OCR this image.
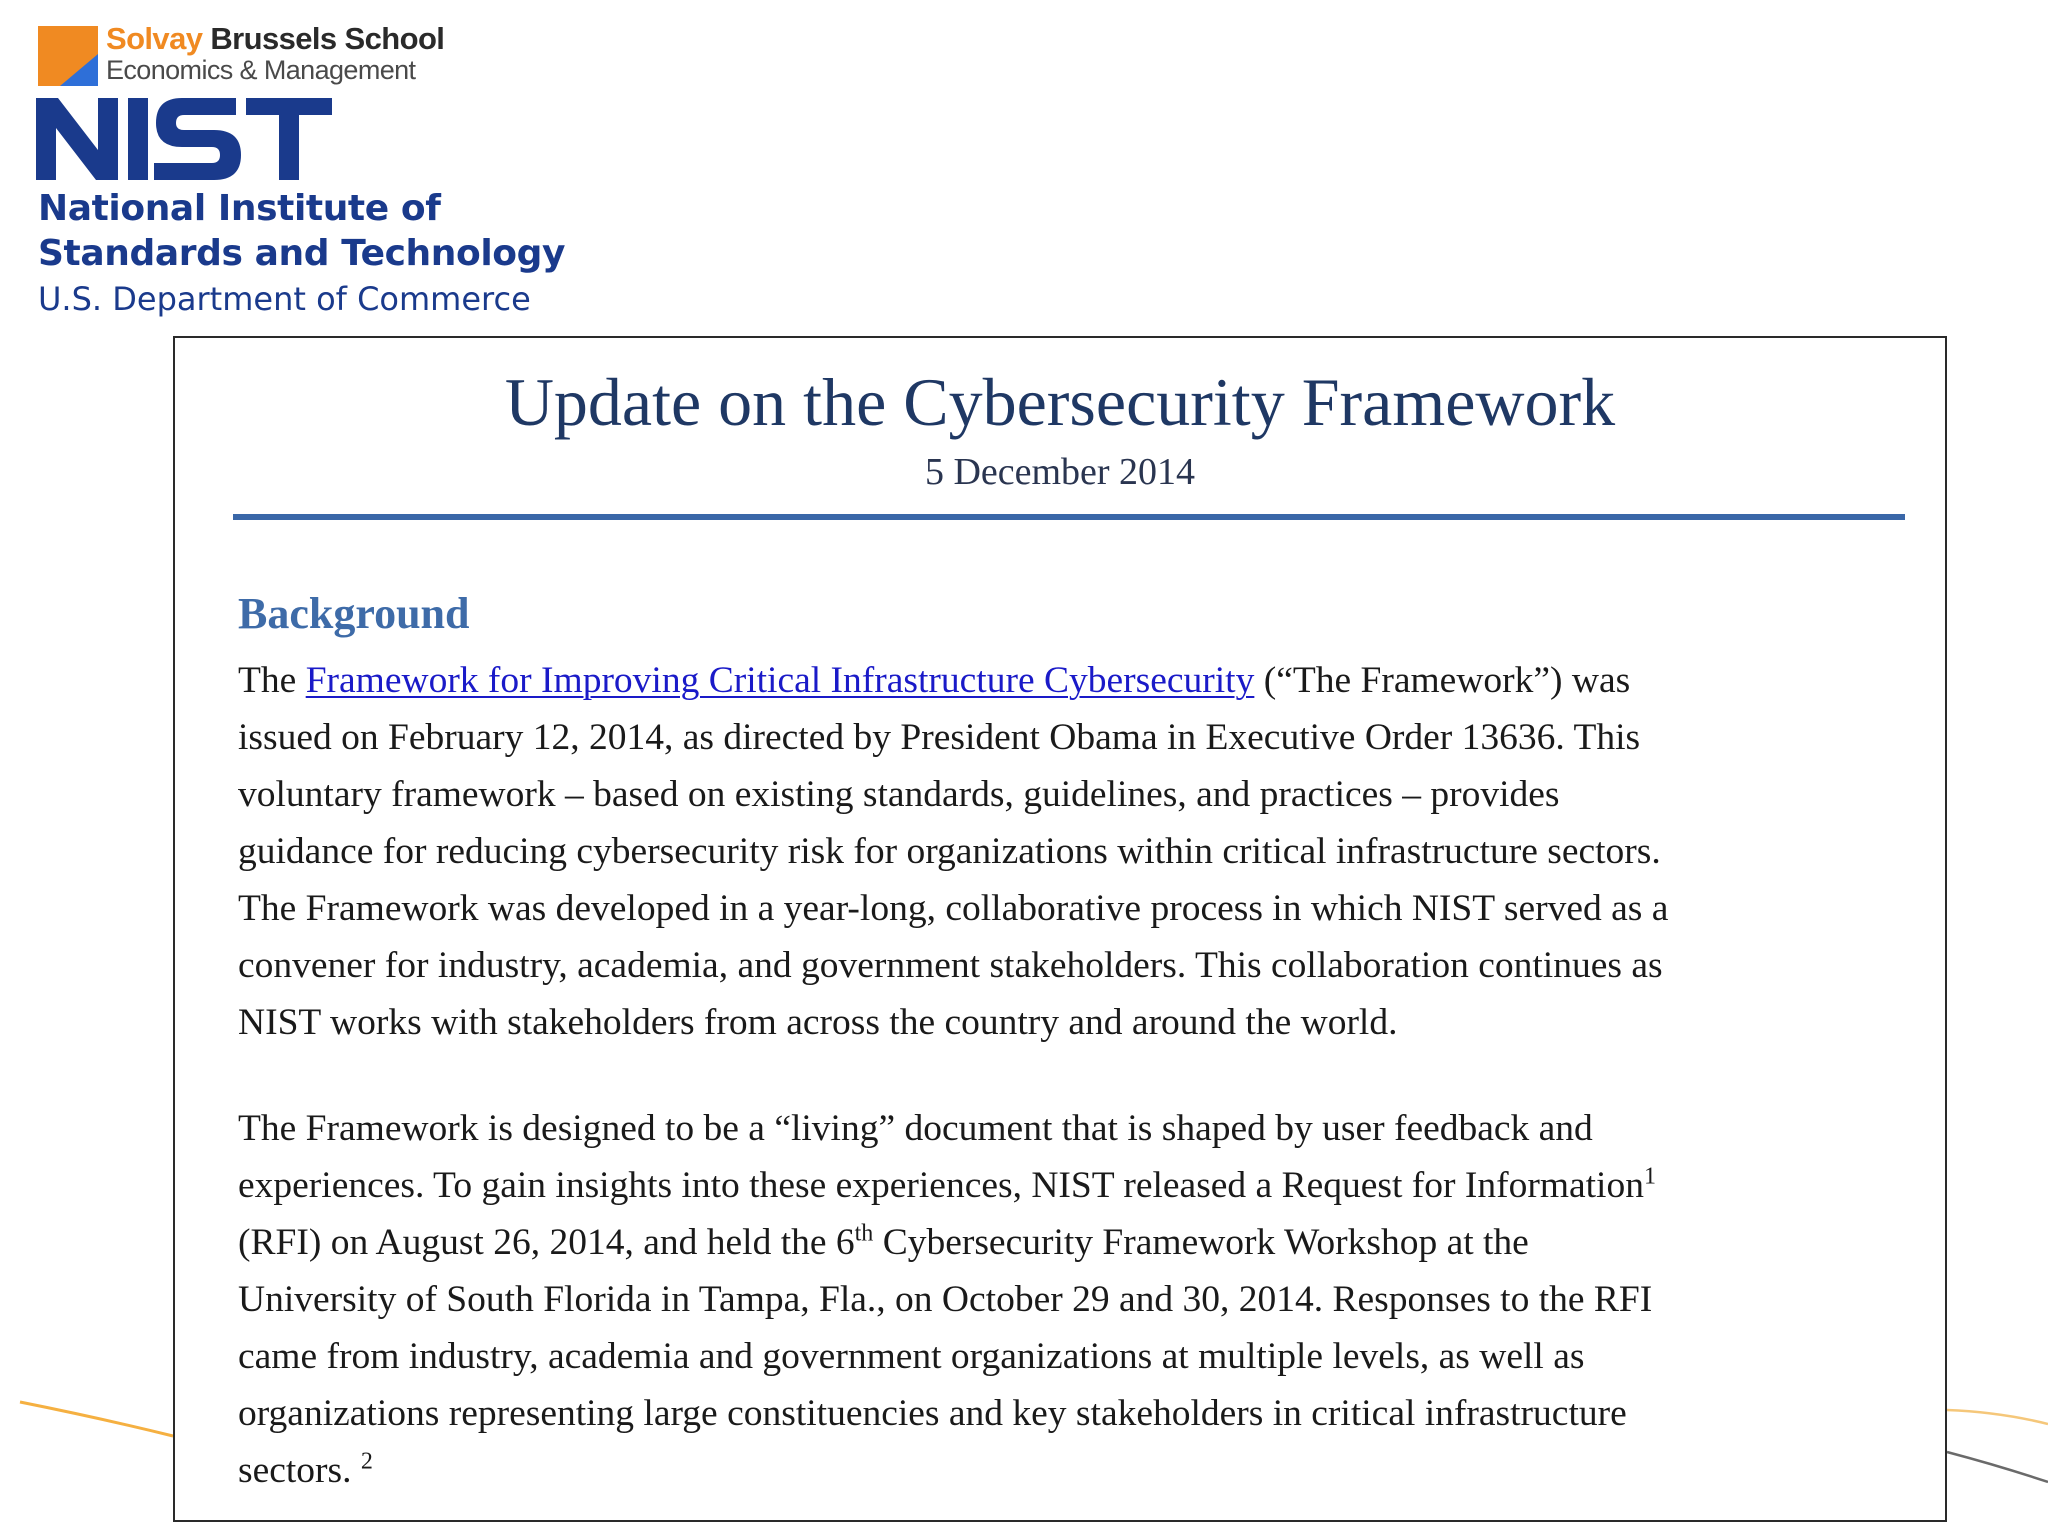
Solvay Brussels School
Economics & Management
National Institute of
Standards and Technology
U.S. Department of Commerce
Update on the Cybersecurity Framework
5 December 2014
Background
The Framework for Improving Critical Infrastructure Cybersecurity (“The Framework”) was
issued on February 12, 2014, as directed by President Obama in Executive Order 13636. This
voluntary framework – based on existing standards, guidelines, and practices – provides
guidance for reducing cybersecurity risk for organizations within critical infrastructure sectors.
The Framework was developed in a year-long, collaborative process in which NIST served as a
convener for industry, academia, and government stakeholders. This collaboration continues as
NIST works with stakeholders from across the country and around the world.
The Framework is designed to be a “living” document that is shaped by user feedback and
experiences. To gain insights into these experiences, NIST released a Request for Information$^1$
(RFI) on August 26, 2014, and held the 6th Cybersecurity Framework Workshop at the
University of South Florida in Tampa, Fla., on October 29 and 30, 2014. Responses to the RFI
came from industry, academia and government organizations at multiple levels, as well as
organizations representing large constituencies and key stakeholders in critical infrastructure
sectors. $^2$
